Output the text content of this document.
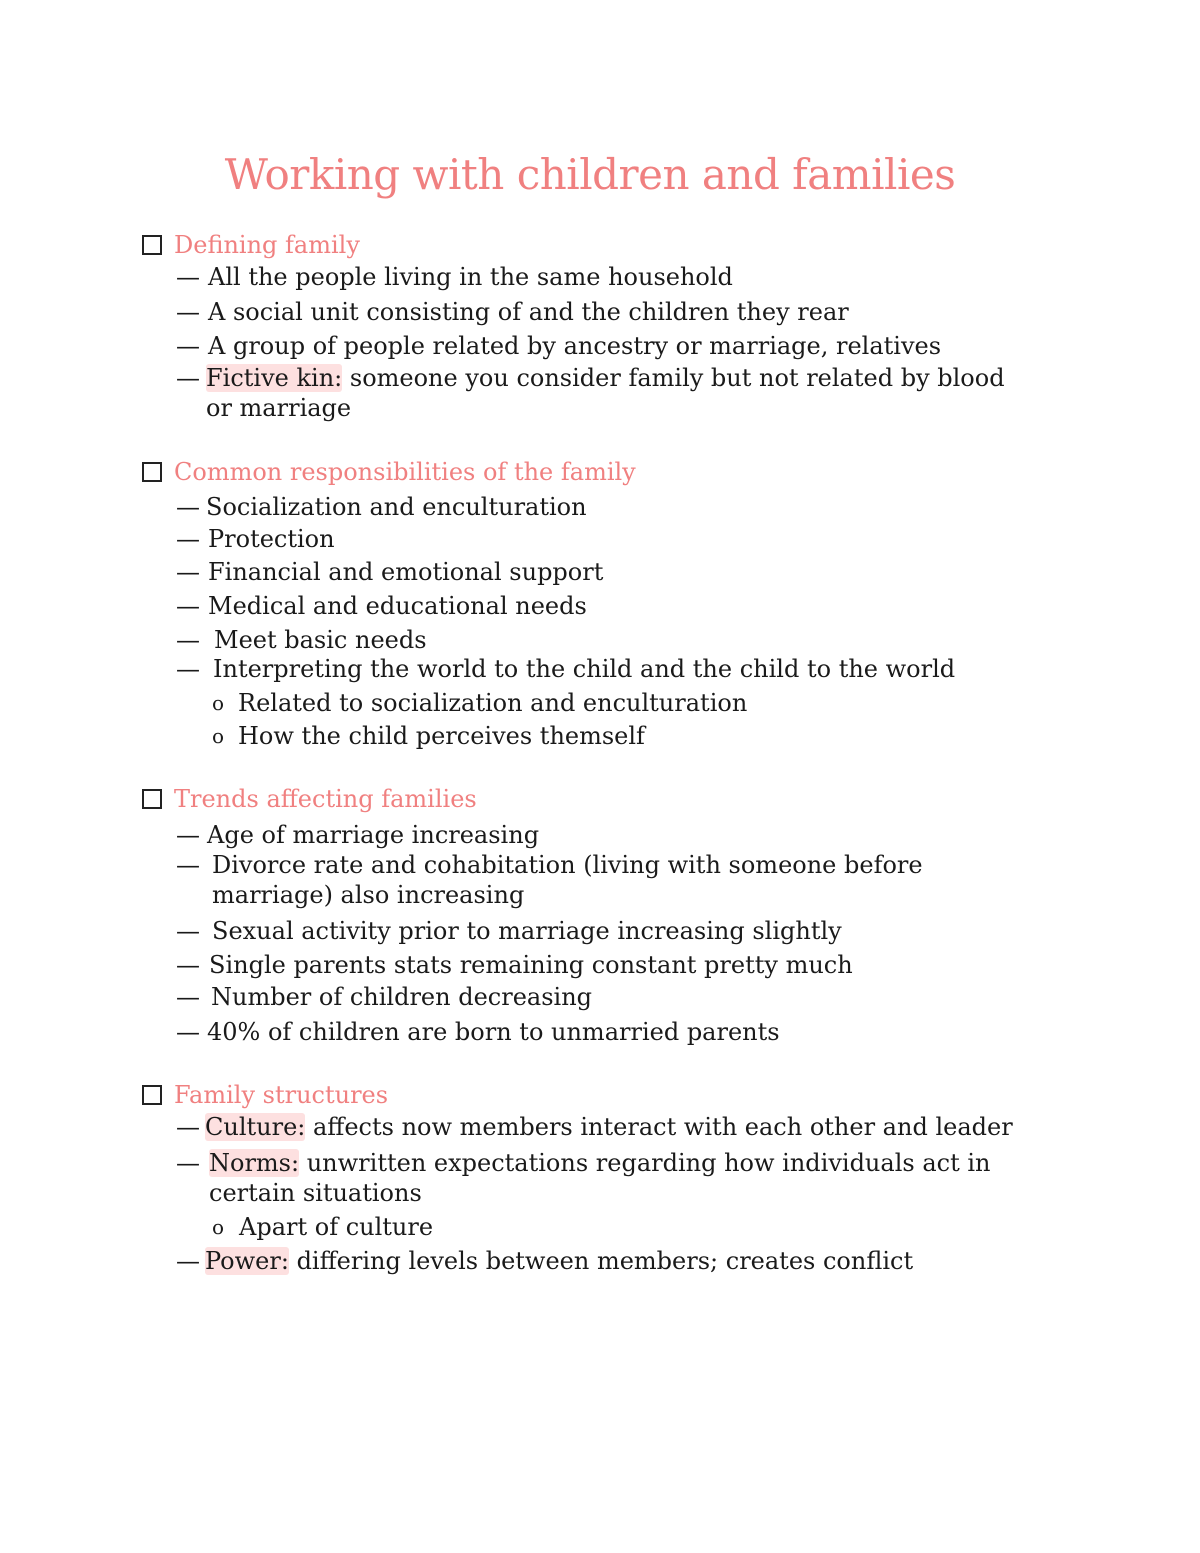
Working with children and families
Defining family
— All the people living in the same household
— A social unit consisting of and the children they rear
— A group of people related by ancestry or marriage, relatives
— Fictive kin: someone you consider family but not related by blood
or marriage
Common responsibilities of the family
— Socialization and enculturation
— Protection
— Financial and emotional support
— Medical and educational needs
— Meet basic needs
— Interpreting the world to the child and the child to the world
o Related to socialization and enculturation
o How the child perceives themself
Trends affecting families
— Age of marriage increasing
— Divorce rate and cohabitation (living with someone before
marriage) also increasing
— Sexual activity prior to marriage increasing slightly
— Single parents stats remaining constant pretty much
— Number of children decreasing
— 40% of children are born to unmarried parents
Family structures
— Culture: affects now members interact with each other and leader
— Norms: unwritten expectations regarding how individuals act in
certain situations
o Apart of culture
— Power: differing levels between members; creates conflict
